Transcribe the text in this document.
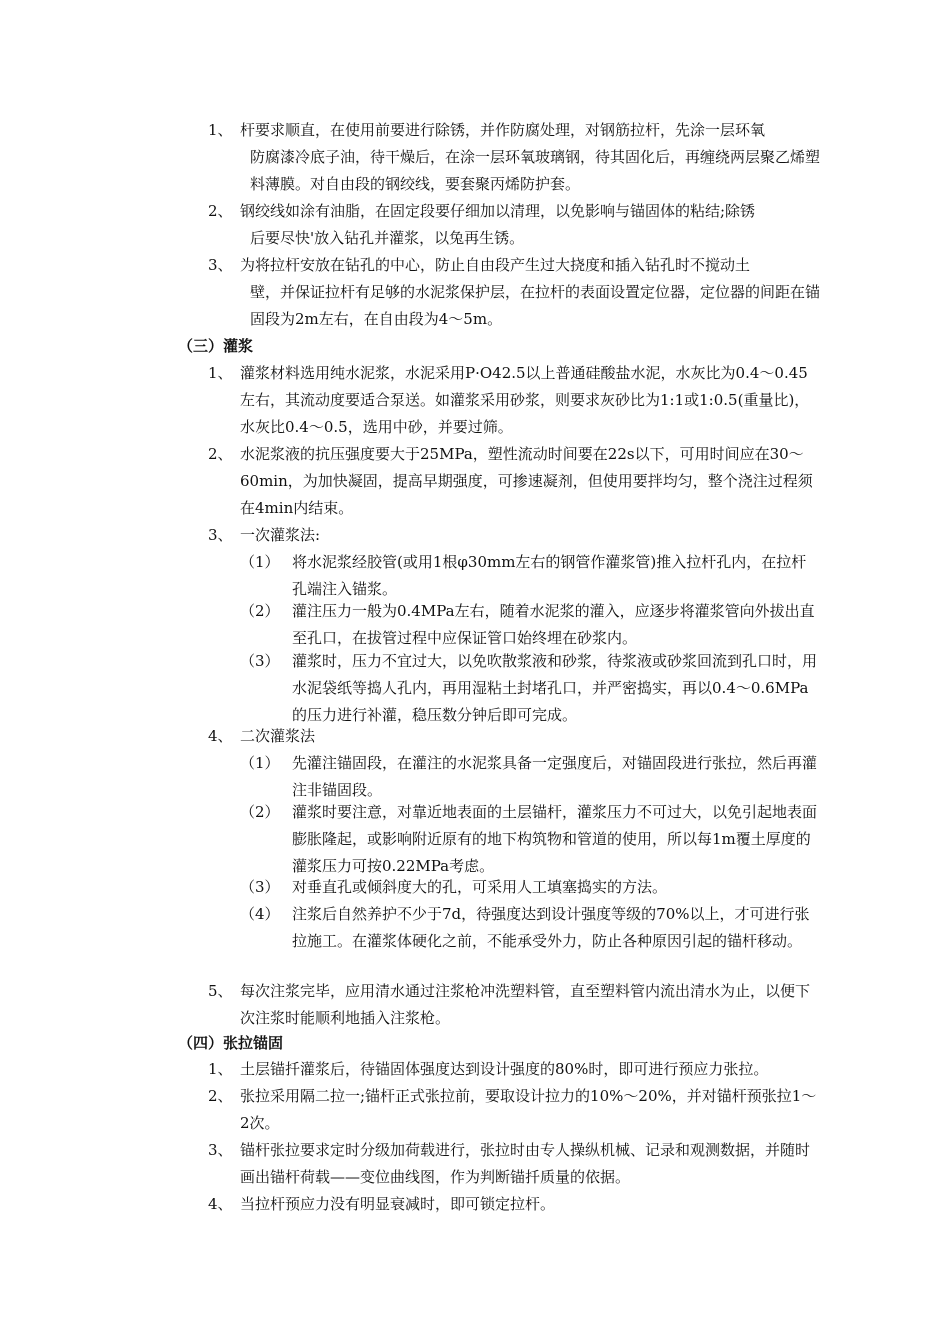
1、 杆要求顺直，在使用前要进行除锈，并作防腐处理，对钢筋拉杆，先涂一层环氧
防腐漆冷底子油，待干燥后，在涂一层环氧玻璃钢，待其固化后，再缠绕两层聚乙烯塑料薄膜。对自由段的钢绞线，要套聚丙烯防护套。
2、 钢绞线如涂有油脂，在固定段要仔细加以清理，以免影响与锚固体的粘结;除锈
后要尽快'放入钻孔并灌浆，以兔再生锈。
3、 为将拉杆安放在钻孔的中心，防止自由段产生过大挠度和插入钻孔时不搅动土
壁，并保证拉杆有足够的水泥浆保护层，在拉杆的表面设置定位器，定位器的间距在锚固段为2m左右，在自由段为4～5m。
（三）灌浆
1、 灌浆材料选用纯水泥浆，水泥采用P·O42.5以上普通硅酸盐水泥，水灰比为0.4～0.45左右，其流动度要适合泵送。如灌浆采用砂浆，则要求灰砂比为1:1或1:0.5(重量比)，水灰比0.4～0.5，选用中砂，并要过筛。
2、 水泥浆液的抗压强度要大于25MPa，塑性流动时间要在22s以下，可用时间应在30～60min，为加快凝固，提高早期强度，可掺速凝剂，但使用要拌均匀，整个浇注过程须在4min内结束。
3、 一次灌浆法:
（1） 将水泥浆经胶管(或用1根φ30mm左右的钢管作灌浆管)推入拉杆孔内，在拉杆孔端注入锚浆。
（2） 灌注压力一般为0.4MPa左右，随着水泥浆的灌入，应逐步将灌浆管向外拔出直至孔口，在拔管过程中应保证管口始终埋在砂浆内。
（3） 灌浆时，压力不宜过大，以免吹散浆液和砂浆，待浆液或砂浆回流到孔口时，用水泥袋纸等捣人孔内，再用湿粘土封堵孔口，并严密捣实，再以0.4～0.6MPa的压力进行补灌，稳压数分钟后即可完成。
4、 二次灌浆法
（1） 先灌注锚固段，在灌注的水泥浆具备一定强度后，对锚固段进行张拉，然后再灌注非锚固段。
（2） 灌浆时要注意，对靠近地表面的土层锚杆，灌浆压力不可过大，以免引起地表面膨胀隆起，或影响附近原有的地下构筑物和管道的使用，所以每1m覆土厚度的灌浆压力可按0.22MPa考虑。
（3） 对垂直孔或倾斜度大的孔，可采用人工填塞捣实的方法。
（4） 注浆后自然养护不少于7d，待强度达到设计强度等级的70%以上，才可进行张拉施工。在灌浆体硬化之前，不能承受外力，防止各种原因引起的锚杆移动。
5、 每次注浆完毕，应用清水通过注浆枪冲洗塑料管，直至塑料管内流出清水为止，以便下次注浆时能顺利地插入注浆枪。
（四）张拉锚固
1、 土层锚扦灌浆后，待锚固体强度达到设计强度的80%时，即可进行预应力张拉。
2、 张拉采用隔二拉一;锚杆正式张拉前，要取设计拉力的10%～20%，并对锚杆预张拉1～2次。
3、 锚杆张拉要求定时分级加荷载进行，张拉时由专人操纵机械、记录和观测数据，并随时画出锚杆荷载——变位曲线图，作为判断锚扦质量的依据。
4、 当拉杆预应力没有明显衰减时，即可锁定拉杆。
